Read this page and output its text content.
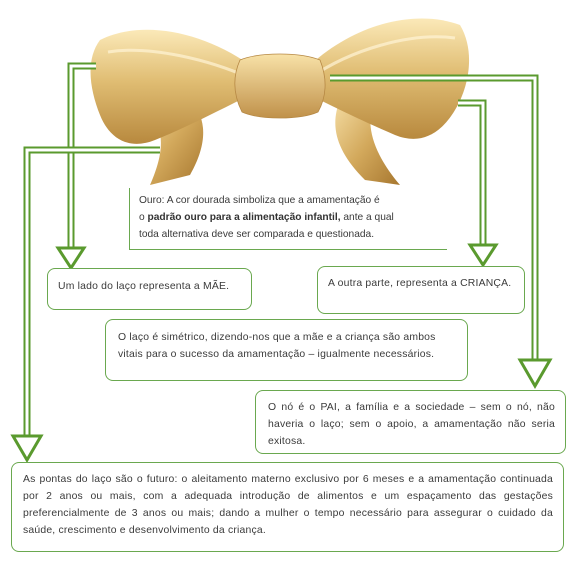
Ouro: A cor dourada simboliza que a amamentação é
o padrão ouro para a alimentação infantil, ante a qual
toda alternativa deve ser comparada e questionada.
Um lado do laço representa a MÃE.	A outra parte, representa a CRIANÇA.
O laço é simétrico, dizendo-nos que a mãe e a criança são ambos vitais para o sucesso da amamentação – igualmente necessários.
O nó é o PAI, a família e a sociedade – sem o nó, não haveria o laço; sem o apoio, a amamentação não seria exitosa.
As pontas do laço são o futuro: o aleitamento materno exclusivo por 6 meses e a amamentação continuada por 2 anos ou mais, com a adequada introdução de alimentos e um espaçamento das gestações preferencialmente de 3 anos ou mais; dando a mulher o tempo necessário para assegurar o cuidado da saúde, crescimento e desenvolvimento da criança.
